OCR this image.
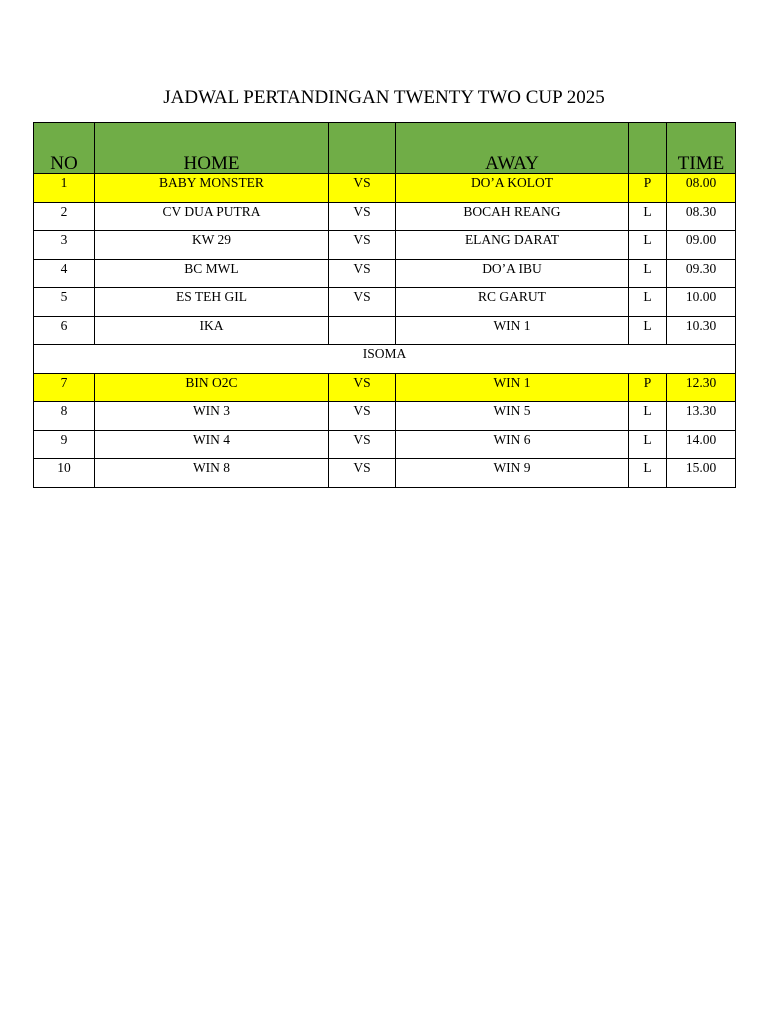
JADWAL PERTANDINGAN TWENTY TWO CUP 2025
NO	HOME		AWAY		TIME
1	BABY MONSTER	VS	DO’A KOLOT	P	08.00
2	CV DUA PUTRA	VS	BOCAH REANG	L	08.30
3	KW 29	VS	ELANG DARAT	L	09.00
4	BC MWL	VS	DO’A IBU	L	09.30
5	ES TEH GIL	VS	RC GARUT	L	10.00
6	IKA		WIN 1	L	10.30
ISOMA					
7	BIN O2C	VS	WIN 1	P	12.30
8	WIN 3	VS	WIN 5	L	13.30
9	WIN 4	VS	WIN 6	L	14.00
10	WIN 8	VS	WIN 9	L	15.00
